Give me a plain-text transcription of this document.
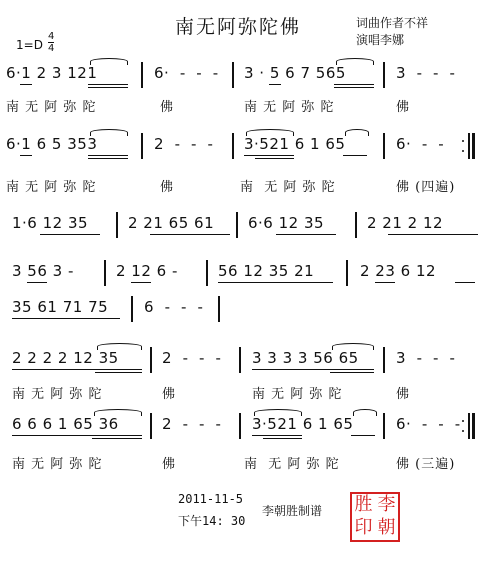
南无阿弥陀佛	词曲作者不祥
演唱李娜
1=D
4
4
6·1 2 3 121	6·  -  -  - 3 · 5 6 7 565	3  -  -  -
南 无 阿 弥 陀	佛	南 无 阿 弥 陀	佛
6·1 6 5 353	2  -  -  - 3·521 6 1 65	6·  -  -
南 无 阿 弥 陀	佛	南  无 阿 弥 陀	佛 (四遍)
1·6 12 35	2 21 65 61 6·6 12 35	2 21 2 12
3 56 3 -	2 12 6 -	56 12 35 21	2 23 6 12
35 61 71 75 6  -  -  -
2 2 2 2 12 35	2  -  -  - 3 3 3 3 56 65 3  -  -  -
南 无 阿 弥 陀	佛	南 无 阿 弥 陀	佛
6 6 6 1 65 36	2  -  -  - 3·521 6 1 65	6·  -  -  -
南 无 阿 弥 陀	佛	南  无 阿 弥 陀	佛 (三遍)
2011-11-5
下午14: 30
李朝胜制谱 胜 李
印 朝
